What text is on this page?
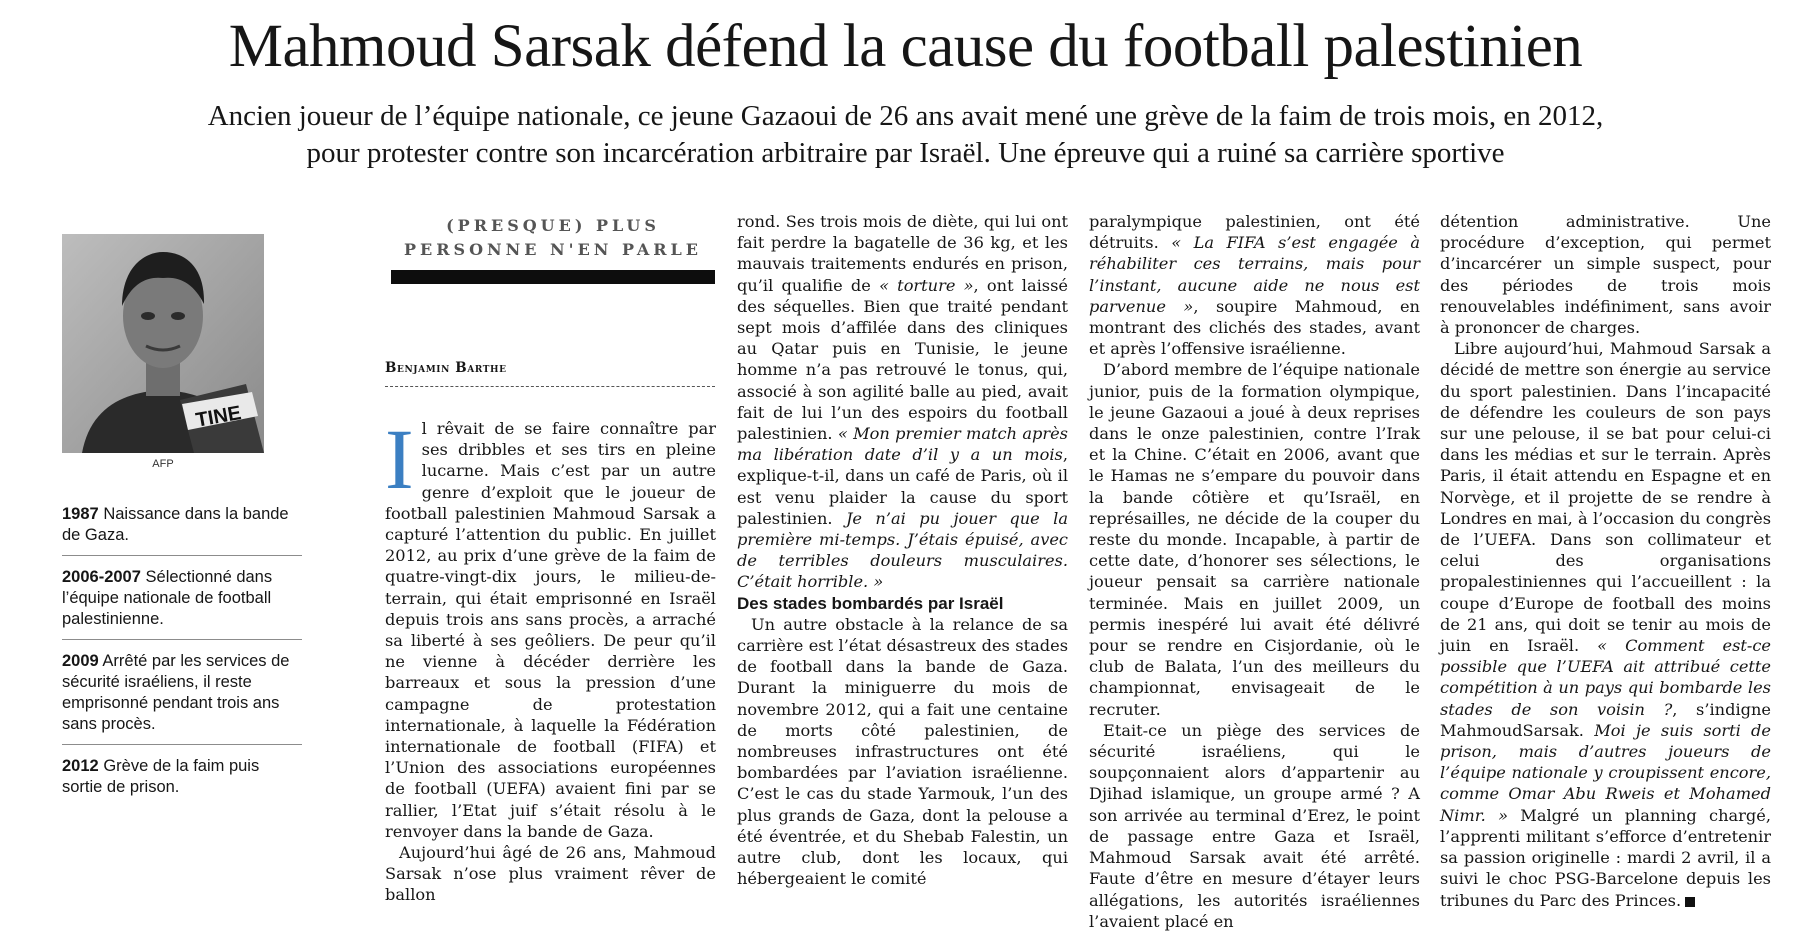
Mahmoud Sarsak défend la cause du football palestinien
Ancien joueur de l’équipe nationale, ce jeune Gazaoui de 26 ans avait mené une grève de la faim de trois mois, en 2012,
pour protester contre son incarcération arbitraire par Israël. Une épreuve qui a ruiné sa carrière sportive
TINE
AFP
1987 Naissance dans la bande de Gaza.
2006-2007 Sélectionné dans l’équipe nationale de football palestinienne.
2009 Arrêté par les services de sécurité israéliens, il reste emprisonné pendant trois ans sans procès.
2012 Grève de la faim puis sortie de prison.
(PRESQUE) PLUS PERSONNE N'EN PARLE
Benjamin Barthe

Il rêvait de se faire connaître par ses dribbles et ses tirs en pleine lucarne. Mais c’est par un autre genre d’exploit que le joueur de football palestinien Mahmoud Sarsak a capturé l’attention du public. En juillet 2012, au prix d’une grève de la faim de quatre-vingt-dix jours, le milieu-de-terrain, qui était emprisonné en Israël depuis trois ans sans procès, a arraché sa liberté à ses geôliers. De peur qu’il ne vienne à décéder derrière les barreaux et sous la pression d’une campagne de protestation internationale, à laquelle la Fédération internationale de football (FIFA) et l’Union des associations européennes de football (UEFA) avaient fini par se rallier, l’Etat juif s’était résolu à le renvoyer dans la bande de Gaza.

Aujourd’hui âgé de 26 ans, Mahmoud Sarsak n’ose plus vraiment rêver de ballon

rond. Ses trois mois de diète, qui lui ont fait perdre la bagatelle de 36 kg, et les mauvais traitements endurés en prison, qu’il qualifie de « torture », ont laissé des séquelles. Bien que traité pendant sept mois d’affilée dans des cliniques au Qatar puis en Tunisie, le jeune homme n’a pas retrouvé le tonus, qui, associé à son agilité balle au pied, avait fait de lui l’un des espoirs du football palestinien. « Mon premier match après ma libération date d’il y a un mois, explique-t-il, dans un café de Paris, où il est venu plaider la cause du sport palestinien. Je n’ai pu jouer que la première mi-temps. J’étais épuisé, avec de terribles douleurs musculaires. C’était horrible. »

Des stades bombardés par Israël

Un autre obstacle à la relance de sa carrière est l’état désastreux des stades de football dans la bande de Gaza. Durant la miniguerre du mois de novembre 2012, qui a fait une centaine de morts côté palestinien, de nombreuses infrastructures ont été bombardées par l’aviation israélienne. C’est le cas du stade Yarmouk, l’un des plus grands de Gaza, dont la pelouse a été éventrée, et du Shebab Falestin, un autre club, dont les locaux, qui hébergeaient le comité

paralympique palestinien, ont été détruits. « La FIFA s’est engagée à réhabiliter ces terrains, mais pour l’instant, aucune aide ne nous est parvenue », soupire Mahmoud, en montrant des clichés des stades, avant et après l’offensive israélienne.

D’abord membre de l’équipe nationale junior, puis de la formation olympique, le jeune Gazaoui a joué à deux reprises dans le onze palestinien, contre l’Irak et la Chine. C’était en 2006, avant que le Hamas ne s’empare du pouvoir dans la bande côtière et qu’Israël, en représailles, ne décide de la couper du reste du monde. Incapable, à partir de cette date, d’honorer ses sélections, le joueur pensait sa carrière nationale terminée. Mais en juillet 2009, un permis inespéré lui avait été délivré pour se rendre en Cisjordanie, où le club de Balata, l’un des meilleurs du championnat, envisageait de le recruter.

Etait-ce un piège des services de sécurité israéliens, qui le soupçonnaient alors d’appartenir au Djihad islamique, un groupe armé ? A son arrivée au terminal d’Erez, le point de passage entre Gaza et Israël, Mahmoud Sarsak avait été arrêté. Faute d’être en mesure d’étayer leurs allégations, les autorités israéliennes l’avaient placé en

détention administrative. Une procédure d’exception, qui permet d’incarcérer un simple suspect, pour des périodes de trois mois renouvelables indéfiniment, sans avoir à prononcer de charges.

Libre aujourd’hui, Mahmoud Sarsak a décidé de mettre son énergie au service du sport palestinien. Dans l’incapacité de défendre les couleurs de son pays sur une pelouse, il se bat pour celui-ci dans les médias et sur le terrain. Après Paris, il était attendu en Espagne et en Norvège, et il projette de se rendre à Londres en mai, à l’occasion du congrès de l’UEFA. Dans son collimateur et celui des organisations propalestiniennes qui l’accueillent : la coupe d’Europe de football des moins de 21 ans, qui doit se tenir au mois de juin en Israël. « Comment est-ce possible que l’UEFA ait attribué cette compétition à un pays qui bombarde les stades de son voisin ?, s’indigne MahmoudSarsak. Moi je suis sorti de prison, mais d’autres joueurs de l’équipe nationale y croupissent encore, comme Omar Abu Rweis et Mohamed Nimr. » Malgré un planning chargé, l’apprenti militant s’efforce d’entretenir sa passion originelle : mardi 2 avril, il a suivi le choc PSG-Barcelone depuis les tribunes du Parc des Princes.
